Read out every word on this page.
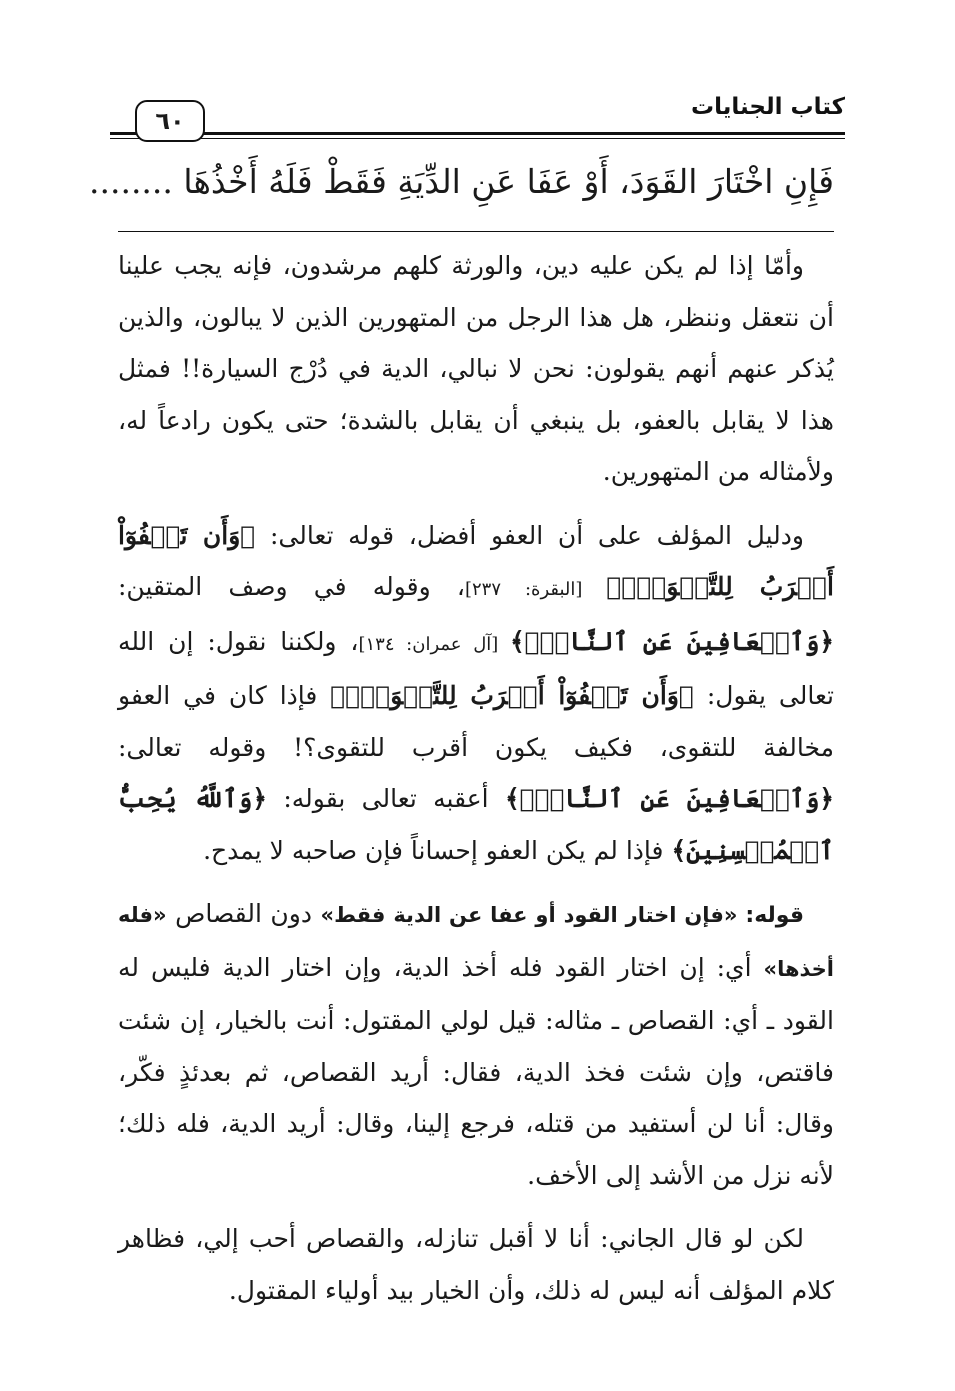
كتاب الجنايات
٦٠
فَإِنِ اخْتَارَ القَوَدَ، أَوْ عَفَا عَنِ الدِّيَةِ فَقَطْ فَلَهُ أَخْذُهَا ........

وأمّا إذا لم يكن عليه دين، والورثة كلهم مرشدون، فإنه يجب علينا أن نتعقل وننظر، هل هذا الرجل من المتهورين الذين لا يبالون، والذين يُذكر عنهم أنهم يقولون: نحن لا نبالي، الدية في دُرْج السيارة!! فمثل هذا لا يقابل بالعفو، بل ينبغي أن يقابل بالشدة؛ حتى يكون رادعاً له، ولأمثاله من المتهورين.

ودليل المؤلف على أن العفو أفضل، قوله تعالى: ﴿وَأَن تَعۡفُوٓاْ أَقۡرَبُ لِلتَّقۡوَىٰۚ﴾ [البقرة: ٢٣٧]، وقوله في وصف المتقين: ﴿وَٱلۡعَافِينَ عَنِ ٱلنَّاسِۗ﴾ [آل عمران: ١٣٤]، ولكننا نقول: إن الله تعالى يقول: ﴿وَأَن تَعۡفُوٓاْ أَقۡرَبُ لِلتَّقۡوَىٰۚ﴾ فإذا كان في العفو مخالفة للتقوى، فكيف يكون أقرب للتقوى؟! وقوله تعالى: ﴿وَٱلۡعَافِينَ عَنِ ٱلنَّاسِۗ﴾ أعقبه تعالى بقوله: ﴿وَٱللَّهُ يُحِبُّ ٱلۡمُحۡسِنِينَ﴾ فإذا لم يكن العفو إحساناً فإن صاحبه لا يمدح.

قوله: «فإن اختار القود أو عفا عن الدية فقط» دون القصاص «فله أخذها» أي: إن اختار القود فله أخذ الدية، وإن اختار الدية فليس له القود ـ أي: القصاص ـ مثاله: قيل لولي المقتول: أنت بالخيار، إن شئت فاقتص، وإن شئت فخذ الدية، فقال: أريد القصاص، ثم بعدئذٍ فكّر، وقال: أنا لن أستفيد من قتله، فرجع إلينا، وقال: أريد الدية، فله ذلك؛ لأنه نزل من الأشد إلى الأخف.

لكن لو قال الجاني: أنا لا أقبل تنازله، والقصاص أحب إلي، فظاهر كلام المؤلف أنه ليس له ذلك، وأن الخيار بيد أولياء المقتول.
